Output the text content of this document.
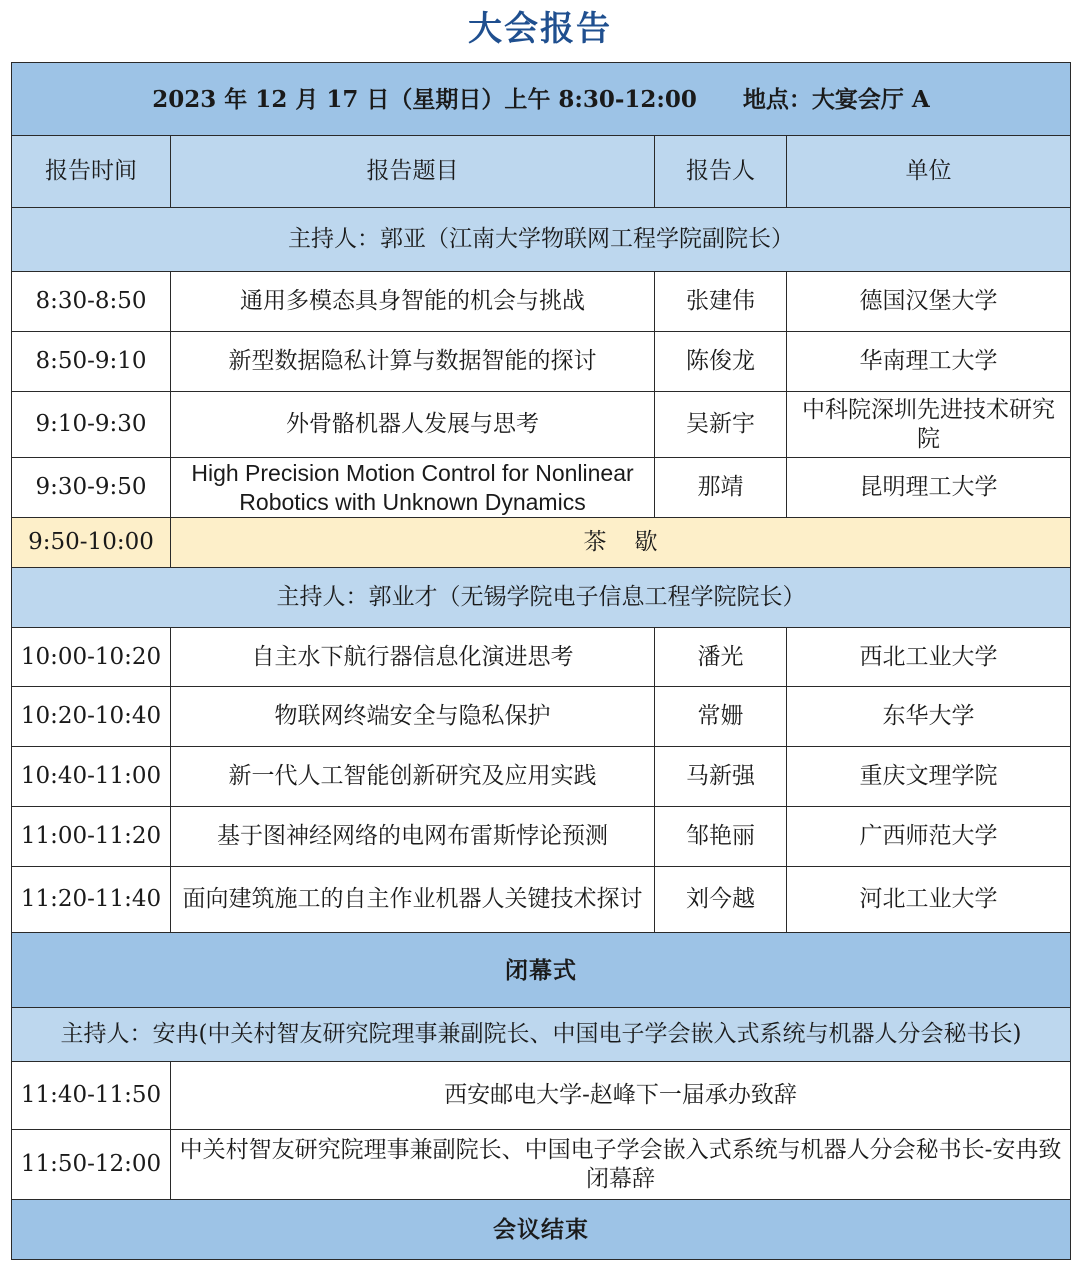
大会报告
2023 年 12 月 17 日（星期日）上午 8:30-12:00 地点：大宴会厅 A			
报告时间	报告题目	报告人	单位
主持人：郭亚（江南大学物联网工程学院副院长）			
8:30-8:50	通用多模态具身智能的机会与挑战	张建伟	德国汉堡大学
8:50-9:10	新型数据隐私计算与数据智能的探讨	陈俊龙	华南理工大学
9:10-9:30	外骨骼机器人发展与思考	吴新宇	中科院深圳先进技术研究院
9:30-9:50	High Precision Motion Control for Nonlinear Robotics with Unknown Dynamics	那靖	昆明理工大学
9:50-10:00	茶歇		
主持人：郭业才（无锡学院电子信息工程学院院长）			
10:00-10:20	自主水下航行器信息化演进思考	潘光	西北工业大学
10:20-10:40	物联网终端安全与隐私保护	常姗	东华大学
10:40-11:00	新一代人工智能创新研究及应用实践	马新强	重庆文理学院
11:00-11:20	基于图神经网络的电网布雷斯悖论预测	邹艳丽	广西师范大学
11:20-11:40	面向建筑施工的自主作业机器人关键技术探讨	刘今越	河北工业大学
闭幕式			
主持人：安冉(中关村智友研究院理事兼副院长、中国电子学会嵌入式系统与机器人分会秘书长)			
11:40-11:50	西安邮电大学-赵峰下一届承办致辞		
11:50-12:00	中关村智友研究院理事兼副院长、中国电子学会嵌入式系统与机器人分会秘书长-安冉致闭幕辞		
会议结束			
